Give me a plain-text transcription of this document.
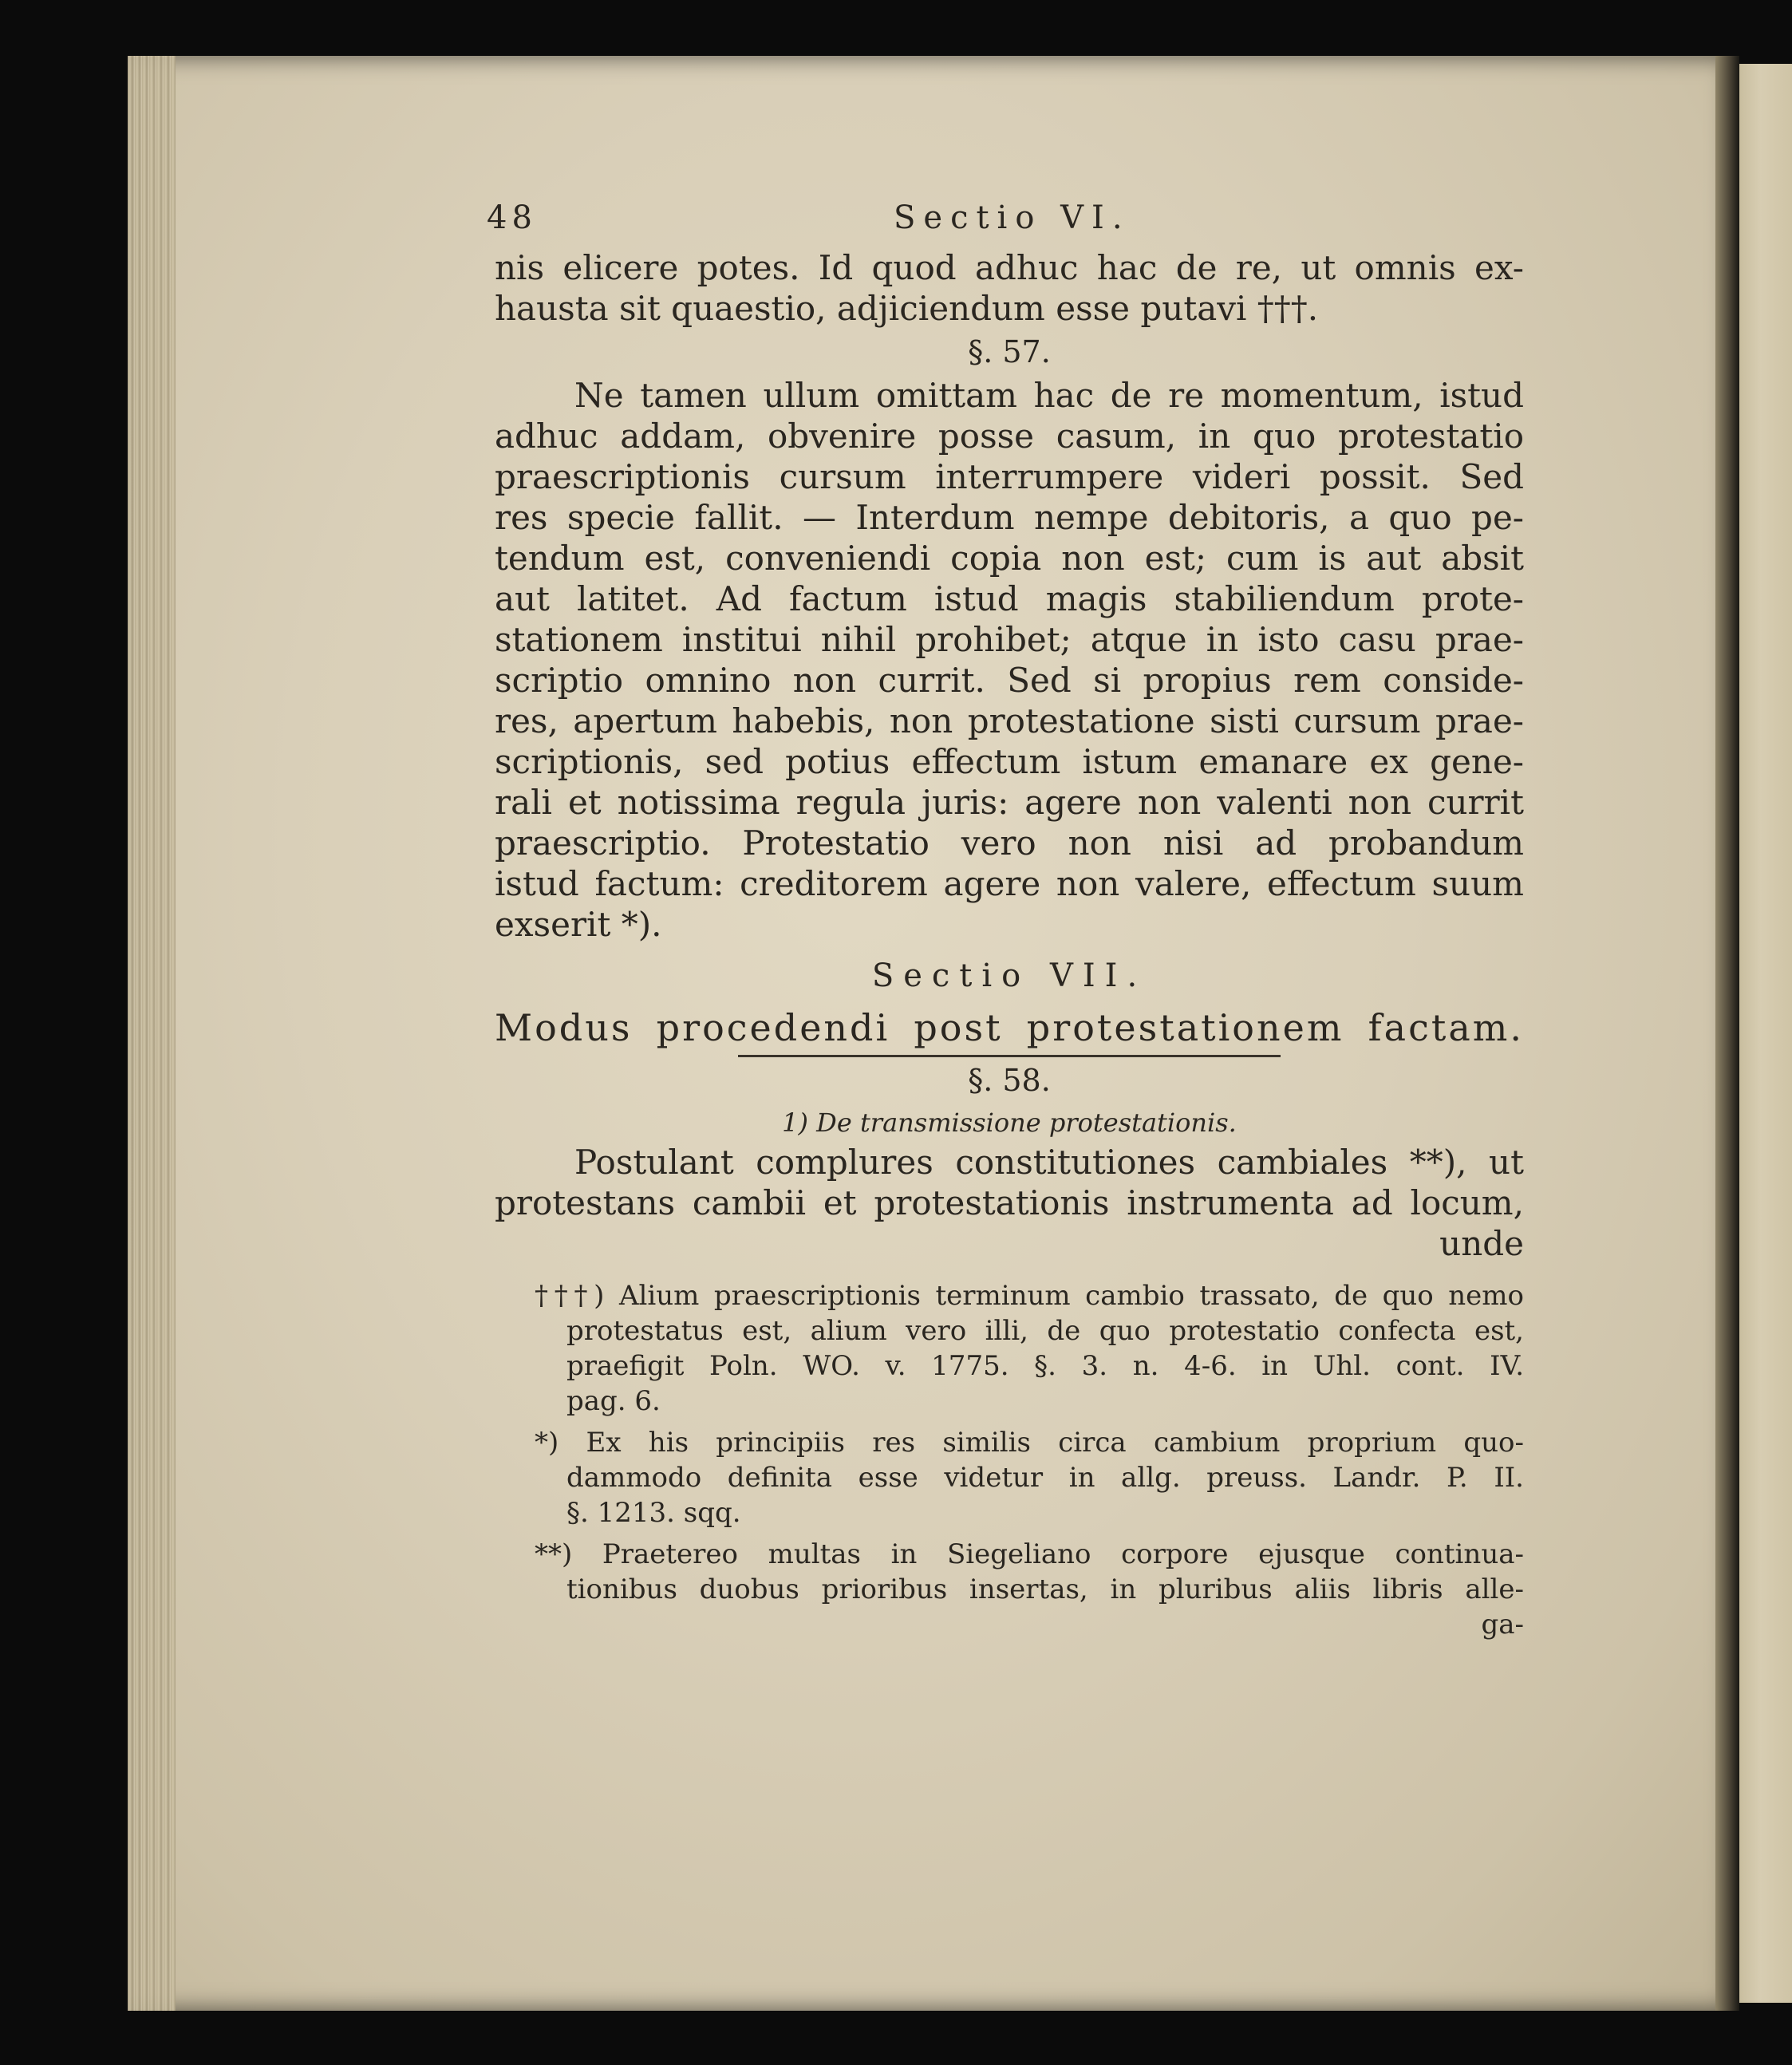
48	Sectio VI.
nis elicere potes. Id quod adhuc hac de re, ut omnis ex-
hausta sit quaestio, adjiciendum esse putavi †††.
§. 57.
Ne tamen ullum omittam hac de re momentum, istud
adhuc addam, obvenire posse casum, in quo protestatio
praescriptionis cursum interrumpere videri possit. Sed
res specie fallit. — Interdum nempe debitoris, a quo pe-
tendum est, conveniendi copia non est; cum is aut absit
aut latitet. Ad factum istud magis stabiliendum prote-
stationem institui nihil prohibet; atque in isto casu prae-
scriptio omnino non currit. Sed si propius rem conside-
res, apertum habebis, non protestatione sisti cursum prae-
scriptionis, sed potius effectum istum emanare ex gene-
rali et notissima regula juris: agere non valenti non currit
praescriptio. Protestatio vero non nisi ad probandum
istud factum: creditorem agere non valere, effectum suum
exserit *).
Sectio VII.
Modus procedendi post protestationem factam.
§. 58.
1) De transmissione protestationis.
Postulant complures constitutiones cambiales **), ut
protestans cambii et protestationis instrumenta ad locum,
unde
†††) Alium praescriptionis terminum cambio trassato, de quo nemo
protestatus est, alium vero illi, de quo protestatio confecta est,
praefigit Poln. WO. v. 1775. §. 3. n. 4-6. in Uhl. cont. IV.
pag. 6.
*) Ex his principiis res similis circa cambium proprium quo-
dammodo definita esse videtur in allg. preuss. Landr. P. II.
§. 1213. sqq.
**) Praetereo multas in Siegeliano corpore ejusque continua-
tionibus duobus prioribus insertas, in pluribus aliis libris alle-
ga-
